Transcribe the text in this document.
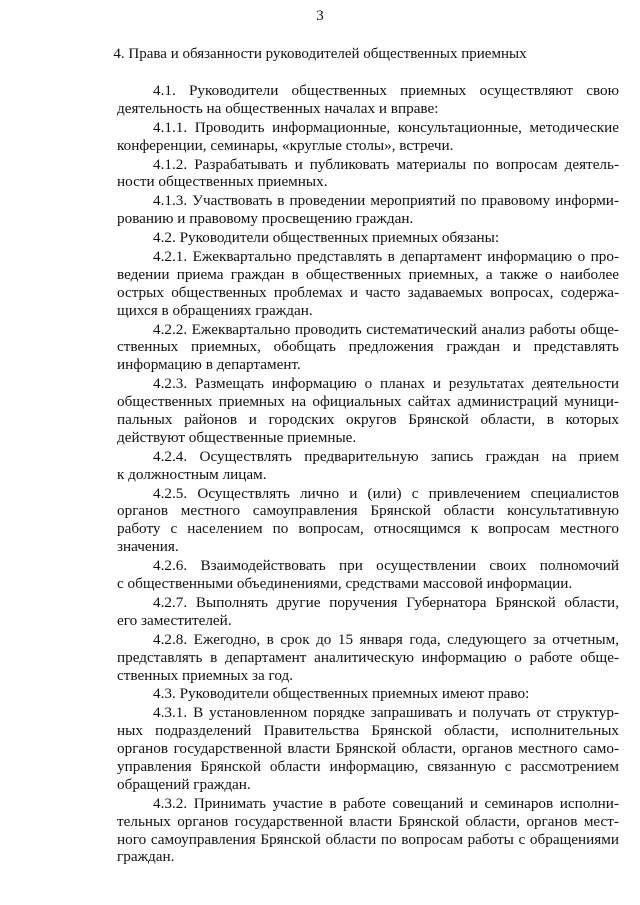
3
4. Права и обязанности руководителей общественных приемных
4.1. Руководители общественных приемных осуществляют свою
деятельность на общественных началах и вправе:
4.1.1. Проводить информационные, консультационные, методические
конференции, семинары, «круглые столы», встречи.
4.1.2. Разрабатывать и публиковать материалы по вопросам деятель-
ности общественных приемных.
4.1.3. Участвовать в проведении мероприятий по правовому информи-
рованию и правовому просвещению граждан.
4.2. Руководители общественных приемных обязаны:
4.2.1. Ежеквартально представлять в департамент информацию о про-
ведении приема граждан в общественных приемных, а также о наиболее
острых общественных проблемах и часто задаваемых вопросах, содержа-
щихся в обращениях граждан.
4.2.2. Ежеквартально проводить систематический анализ работы обще-
ственных приемных, обобщать предложения граждан и представлять
информацию в департамент.
4.2.3. Размещать информацию о планах и результатах деятельности
общественных приемных на официальных сайтах администраций муници-
пальных районов и городских округов Брянской области, в которых
действуют общественные приемные.
4.2.4. Осуществлять предварительную запись граждан на прием
к должностным лицам.
4.2.5. Осуществлять лично и (или) с привлечением специалистов
органов местного самоуправления Брянской области консультативную
работу с населением по вопросам, относящимся к вопросам местного
значения.
4.2.6. Взаимодействовать при осуществлении своих полномочий
с общественными объединениями, средствами массовой информации.
4.2.7. Выполнять другие поручения Губернатора Брянской области,
его заместителей.
4.2.8. Ежегодно, в срок до 15 января года, следующего за отчетным,
представлять в департамент аналитическую информацию о работе обще-
ственных приемных за год.
4.3. Руководители общественных приемных имеют право:
4.3.1. В установленном порядке запрашивать и получать от структур-
ных подразделений Правительства Брянской области, исполнительных
органов государственной власти Брянской области, органов местного само-
управления Брянской области информацию, связанную с рассмотрением
обращений граждан.
4.3.2. Принимать участие в работе совещаний и семинаров исполни-
тельных органов государственной власти Брянской области, органов мест-
ного самоуправления Брянской области по вопросам работы с обращениями
граждан.
